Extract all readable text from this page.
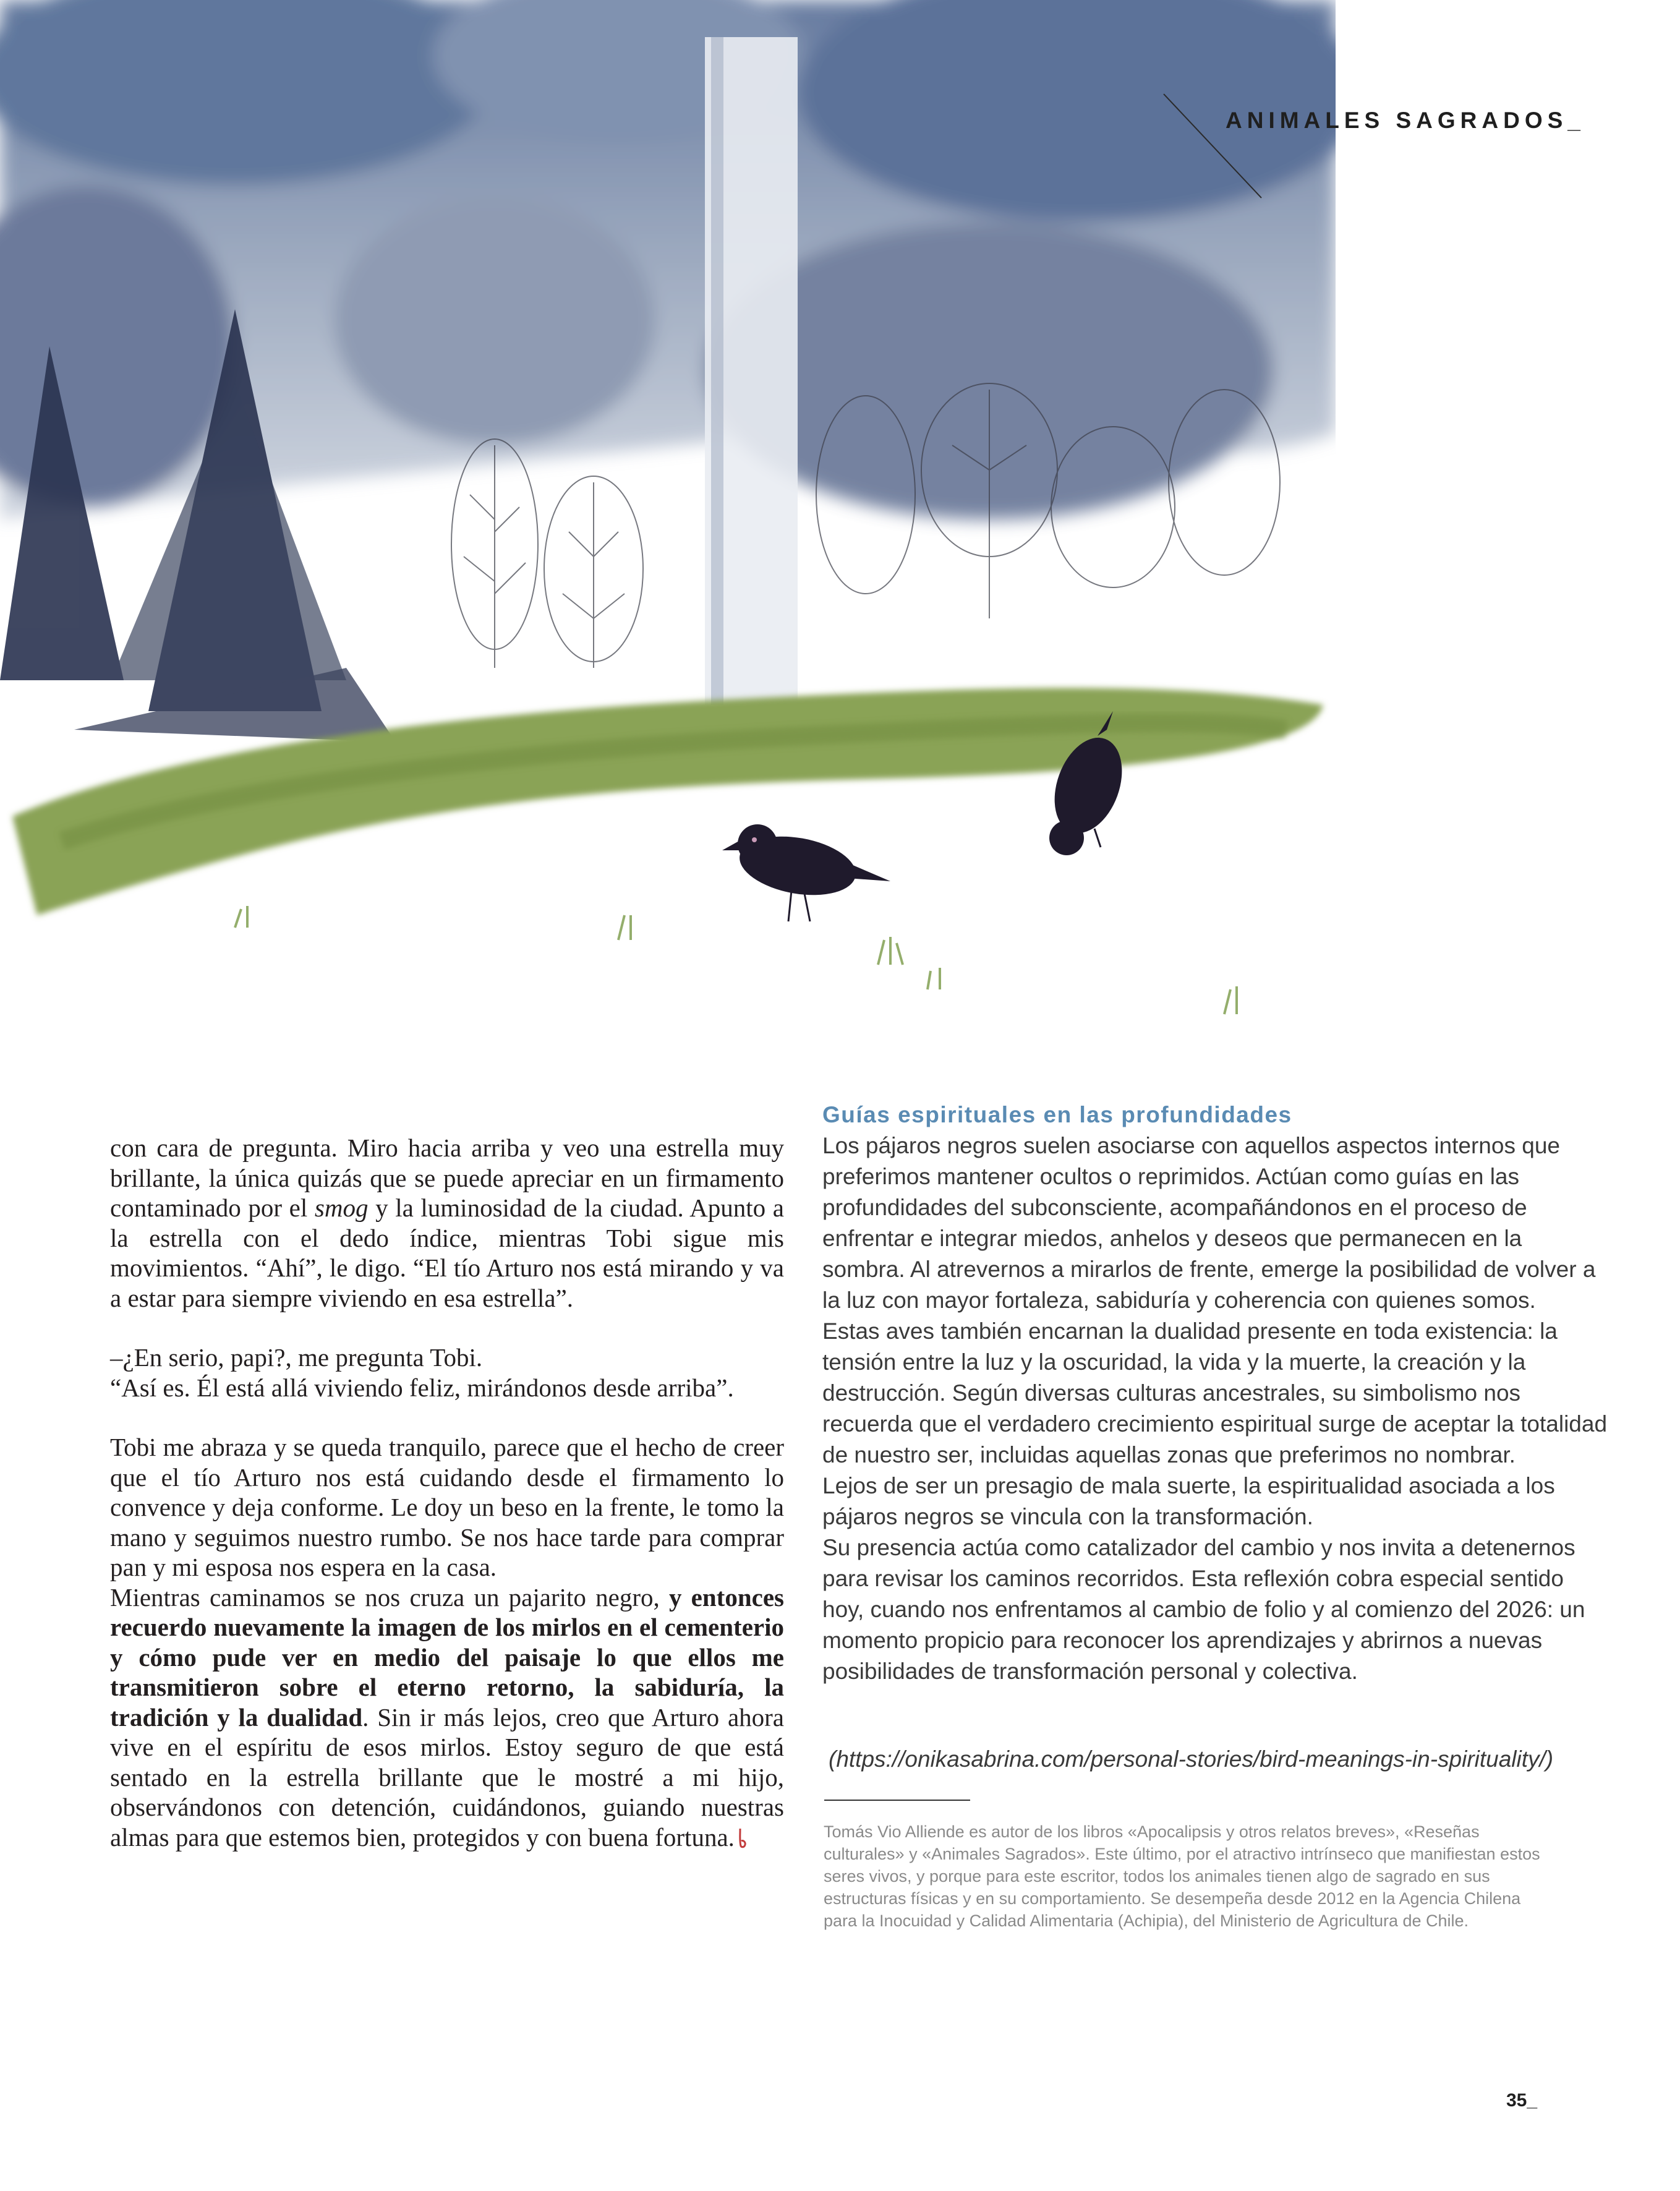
ANIMALES SAGRADOS_

con cara de pregunta. Miro hacia arriba y veo una estrella muy brillante, la única quizás que se puede apreciar en un firmamento contaminado por el smog y la luminosidad de la ciudad. Apunto a la estrella con el dedo índice, mientras Tobi sigue mis movimientos. “Ahí”, le digo. “El tío Arturo nos está mirando y va a estar para siempre viviendo en esa estrella”.

–¿En serio, papi?, me pregunta Tobi.

“Así es. Él está allá viviendo feliz, mirándonos desde arriba”.

Tobi me abraza y se queda tranquilo, parece que el hecho de creer que el tío Arturo nos está cuidando desde el firmamento lo convence y deja conforme. Le doy un beso en la frente, le tomo la mano y seguimos nuestro rumbo. Se nos hace tarde para comprar pan y mi esposa nos espera en la casa.

Mientras caminamos se nos cruza un pajarito negro, y entonces recuerdo nuevamente la imagen de los mirlos en el cementerio y cómo pude ver en medio del paisaje lo que ellos me transmitieron sobre el eterno retorno, la sabiduría, la tradición y la dualidad. Sin ir más lejos, creo que Arturo ahora vive en el espíritu de esos mirlos. Estoy seguro de que está sentado en la estrella brillante que le mostré a mi hijo, observándonos con detención, cuidándonos, guiando nuestras almas para que estemos bien, protegidos y con buena fortuna.

Guías espirituales en las profundidades

Los pájaros negros suelen asociarse con aquellos aspectos internos que preferimos mantener ocultos o reprimidos. Actúan como guías en las profundidades del subconsciente, acompañándonos en el proceso de enfrentar e integrar miedos, anhelos y deseos que permanecen en la sombra. Al atrevernos a mirarlos de frente, emerge la posibilidad de volver a la luz con mayor fortaleza, sabiduría y coherencia con quienes somos.

Estas aves también encarnan la dualidad presente en toda existencia: la tensión entre la luz y la oscuridad, la vida y la muerte, la creación y la destrucción. Según diversas culturas ancestrales, su simbolismo nos recuerda que el verdadero crecimiento espiritual surge de aceptar la totalidad de nuestro ser, incluidas aquellas zonas que preferimos no nombrar.

Lejos de ser un presagio de mala suerte, la espiritualidad asociada a los pájaros negros se vincula con la transformación.

Su presencia actúa como catalizador del cambio y nos invita a detenernos para revisar los caminos recorridos. Esta reflexión cobra especial sentido hoy, cuando nos enfrentamos al cambio de folio y al comienzo del 2026: un momento propicio para reconocer los aprendizajes y abrirnos a nuevas posibilidades de transformación personal y colectiva.

(https://onikasabrina.com/personal-stories/bird-meanings-in-spirituality/)
Tomás Vio Alliende es autor de los libros «Apocalipsis y otros relatos breves», «Reseñas culturales» y «Animales Sagrados». Este último, por el atractivo intrínseco que manifiestan estos seres vivos, y porque para este escritor, todos los animales tienen algo de sagrado en sus estructuras físicas y en su comportamiento. Se desempeña desde 2012 en la Agencia Chilena para la Inocuidad y Calidad Alimentaria (Achipia), del Ministerio de Agricultura de Chile.
35_
